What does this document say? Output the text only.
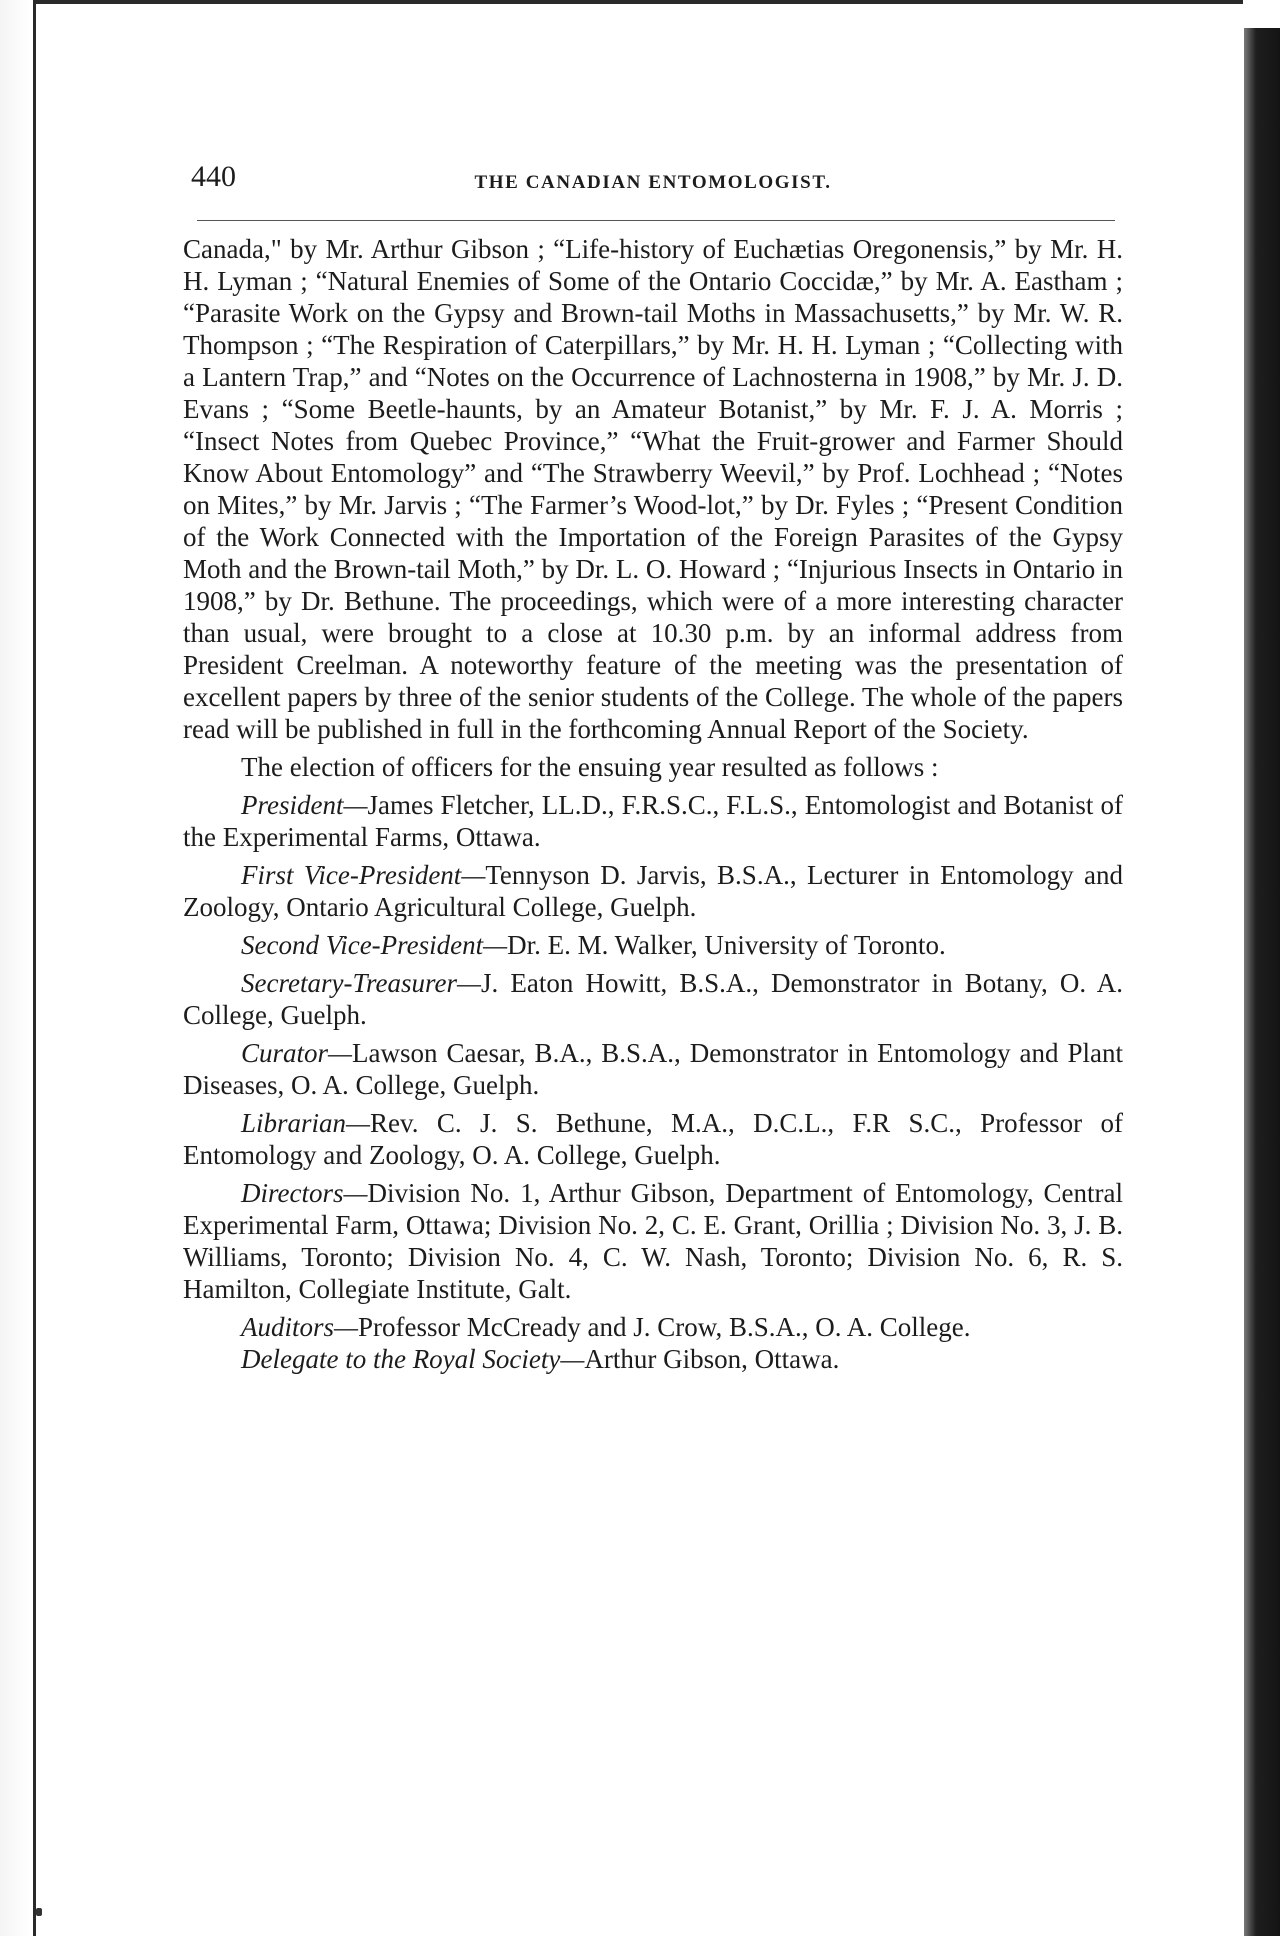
440	THE CANADIAN ENTOMOLOGIST.

Canada," by Mr. Arthur Gibson ; “Life-history of Euchætias Oregonensis,” by Mr. H. H. Lyman ; “Natural Enemies of Some of the Ontario Coccidæ,” by Mr. A. Eastham ; “Parasite Work on the Gypsy and Brown-tail Moths in Massachusetts,” by Mr. W. R. Thompson ; “The Respiration of Caterpillars,” by Mr. H. H. Lyman ; “Collecting with a Lantern Trap,” and “Notes on the Occurrence of Lachnosterna in 1908,” by Mr. J. D. Evans ; “Some Beetle-haunts, by an Amateur Botanist,” by Mr. F. J. A. Morris ; “Insect Notes from Quebec Province,” “What the Fruit-grower and Farmer Should Know About Entomology” and “The Strawberry Weevil,” by Prof. Lochhead ; “Notes on Mites,” by Mr. Jarvis ; “The Farmer’s Wood-lot,” by Dr. Fyles ; “Present Condition of the Work Connected with the Importation of the Foreign Parasites of the Gypsy Moth and the Brown-tail Moth,” by Dr. L. O. Howard ; “Injurious Insects in Ontario in 1908,” by Dr. Bethune. The proceedings, which were of a more interesting character than usual, were brought to a close at 10.30 p.m. by an informal address from President Creelman. A noteworthy feature of the meeting was the presentation of excellent papers by three of the senior students of the College. The whole of the papers read will be published in full in the forthcoming Annual Report of the Society.

The election of officers for the ensuing year resulted as follows :

President—James Fletcher, LL.D., F.R.S.C., F.L.S., Entomologist and Botanist of the Experimental Farms, Ottawa.

First Vice-President—Tennyson D. Jarvis, B.S.A., Lecturer in Entomology and Zoology, Ontario Agricultural College, Guelph.

Second Vice-President—Dr. E. M. Walker, University of Toronto.

Secretary-Treasurer—J. Eaton Howitt, B.S.A., Demonstrator in Botany, O. A. College, Guelph.

Curator—Lawson Caesar, B.A., B.S.A., Demonstrator in Entomology and Plant Diseases, O. A. College, Guelph.

Librarian—Rev. C. J. S. Bethune, M.A., D.C.L., F.R S.C., Professor of Entomology and Zoology, O. A. College, Guelph.

Directors—Division No. 1, Arthur Gibson, Department of Entomology, Central Experimental Farm, Ottawa; Division No. 2, C. E. Grant, Orillia ; Division No. 3, J. B. Williams, Toronto; Division No. 4, C. W. Nash, Toronto; Division No. 6, R. S. Hamilton, Collegiate Institute, Galt.

Auditors—Professor McCready and J. Crow, B.S.A., O. A. College.

Delegate to the Royal Society—Arthur Gibson, Ottawa.
